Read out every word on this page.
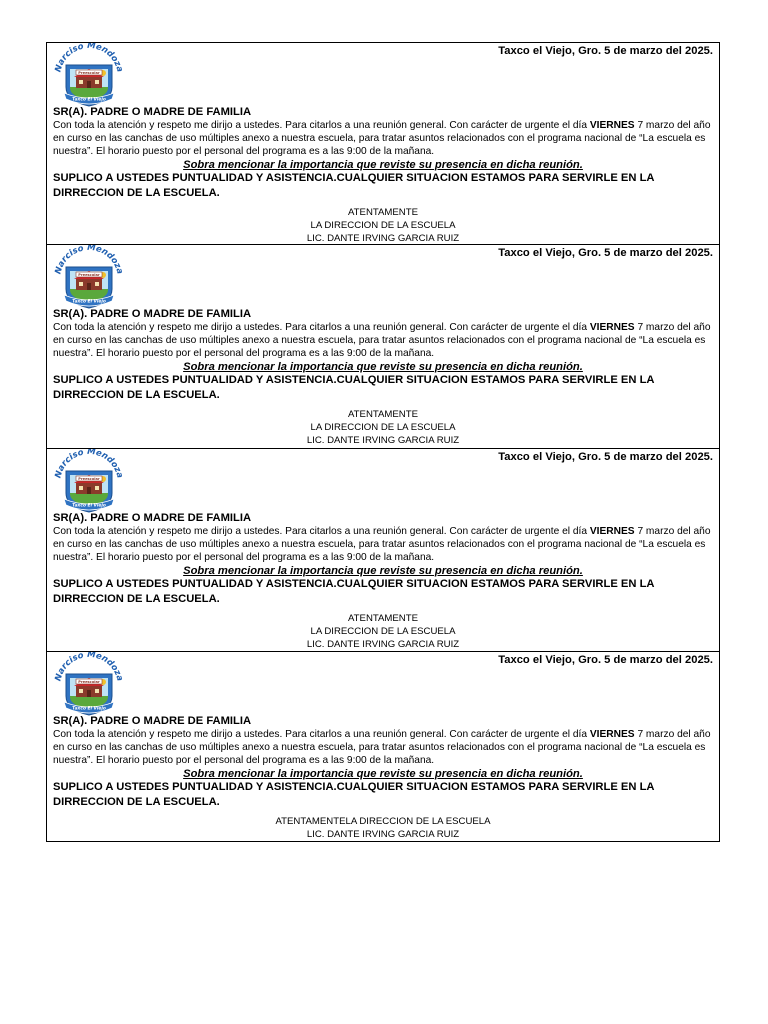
Taxco el Viejo, Gro. 5 de marzo del 2025.
SR(A). PADRE O MADRE DE FAMILIA
Con toda la atención y respeto me dirijo a ustedes. Para citarlos a una reunión general. Con carácter de urgente el día VIERNES 7 marzo del año en curso en las canchas de uso múltiples anexo a nuestra escuela, para tratar asuntos relacionados con el programa nacional de “La escuela es nuestra”. El horario puesto por el personal del programa es a las 9:00 de la mañana.
Sobra mencionar la importancia que reviste su presencia en dicha reunión.
SUPLICO A USTEDES PUNTUALIDAD Y ASISTENCIA.CUALQUIER SITUACION ESTAMOS PARA SERVIRLE EN LA DIRRECCION DE LA ESCUELA.
ATENTAMENTE
LA DIRECCION DE LA ESCUELA
LIC. DANTE IRVING GARCIA RUIZ
Taxco el Viejo, Gro. 5 de marzo del 2025.
SR(A). PADRE O MADRE DE FAMILIA
Con toda la atención y respeto me dirijo a ustedes. Para citarlos a una reunión general. Con carácter de urgente el día VIERNES 7 marzo del año en curso en las canchas de uso múltiples anexo a nuestra escuela, para tratar asuntos relacionados con el programa nacional de “La escuela es nuestra”. El horario puesto por el personal del programa es a las 9:00 de la mañana.
Sobra mencionar la importancia que reviste su presencia en dicha reunión.
SUPLICO A USTEDES PUNTUALIDAD Y ASISTENCIA.CUALQUIER SITUACION ESTAMOS PARA SERVIRLE EN LA DIRRECCION DE LA ESCUELA.
ATENTAMENTE
LA DIRECCION DE LA ESCUELA
LIC. DANTE IRVING GARCIA RUIZ
Taxco el Viejo, Gro. 5 de marzo del 2025.
SR(A). PADRE O MADRE DE FAMILIA
Con toda la atención y respeto me dirijo a ustedes. Para citarlos a una reunión general. Con carácter de urgente el día VIERNES 7 marzo del año en curso en las canchas de uso múltiples anexo a nuestra escuela, para tratar asuntos relacionados con el programa nacional de “La escuela es nuestra”. El horario puesto por el personal del programa es a las 9:00 de la mañana.
Sobra mencionar la importancia que reviste su presencia en dicha reunión.
SUPLICO A USTEDES PUNTUALIDAD Y ASISTENCIA.CUALQUIER SITUACION ESTAMOS PARA SERVIRLE EN LA DIRRECCION DE LA ESCUELA.
ATENTAMENTE
LA DIRECCION DE LA ESCUELA
LIC. DANTE IRVING GARCIA RUIZ
Taxco el Viejo, Gro. 5 de marzo del 2025.
SR(A). PADRE O MADRE DE FAMILIA
Con toda la atención y respeto me dirijo a ustedes. Para citarlos a una reunión general. Con carácter de urgente el día VIERNES 7 marzo del año en curso en las canchas de uso múltiples anexo a nuestra escuela, para tratar asuntos relacionados con el programa nacional de “La escuela es nuestra”. El horario puesto por el personal del programa es a las 9:00 de la mañana.
Sobra mencionar la importancia que reviste su presencia en dicha reunión.
SUPLICO A USTEDES PUNTUALIDAD Y ASISTENCIA.CUALQUIER SITUACION ESTAMOS PARA SERVIRLE EN LA DIRRECCION DE LA ESCUELA.
ATENTAMENTELA DIRECCION DE LA ESCUELA
LIC. DANTE IRVING GARCIA RUIZ
